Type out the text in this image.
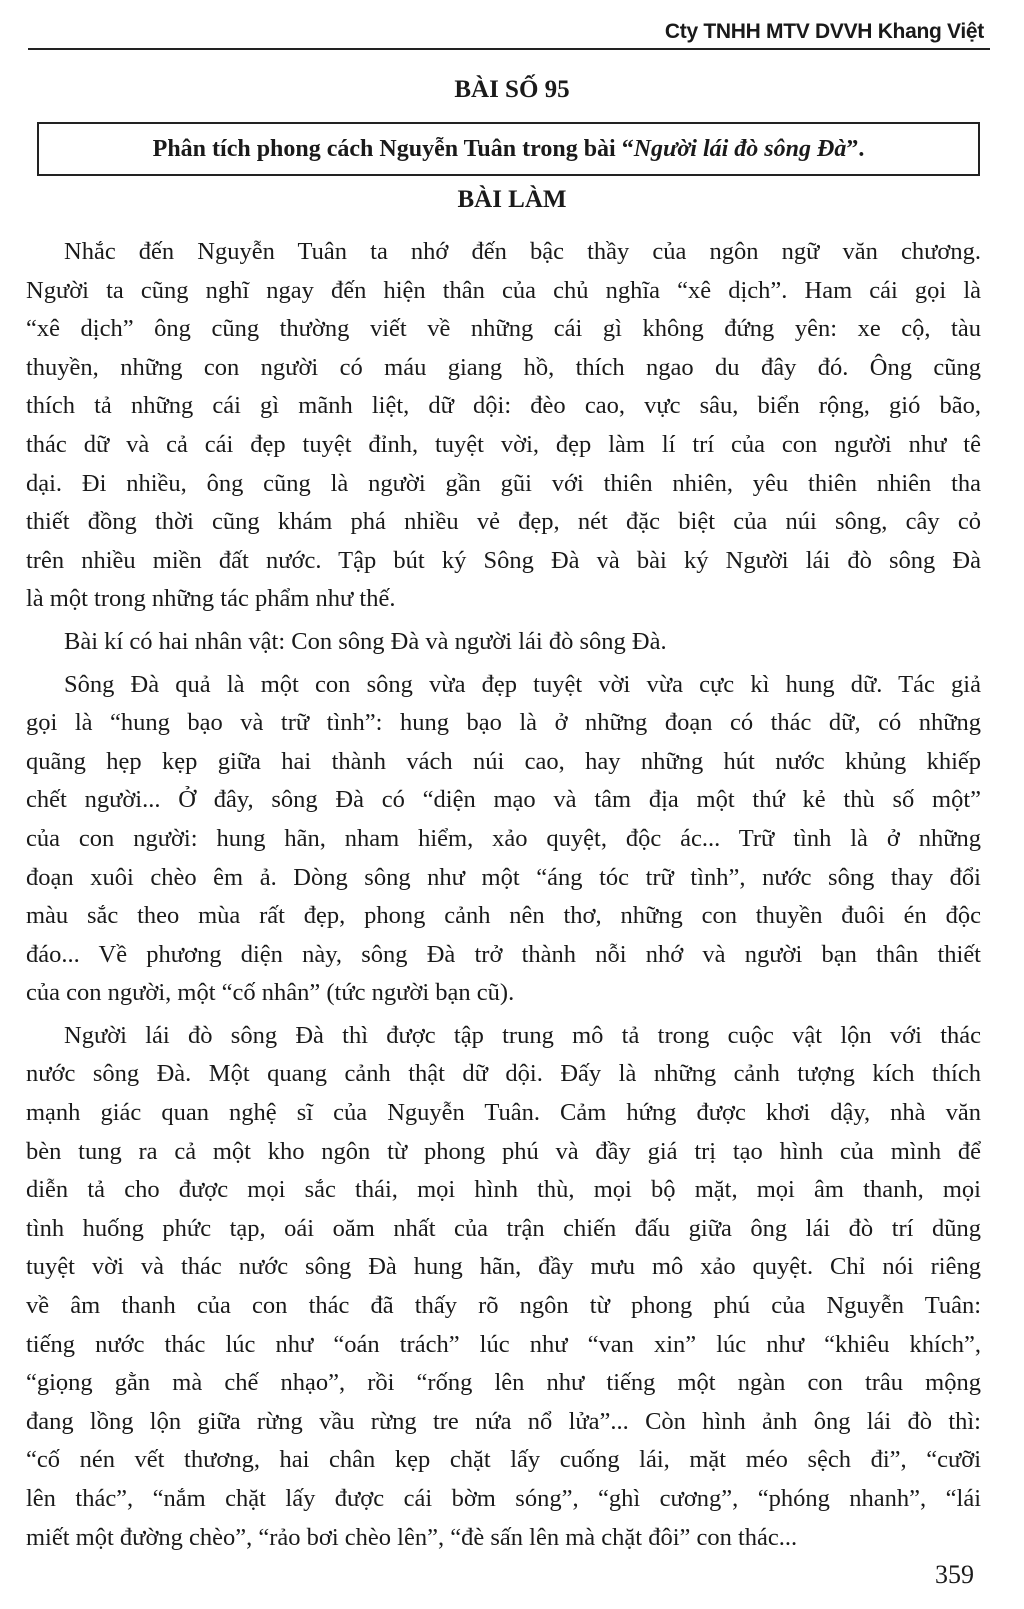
Cty TNHH MTV DVVH Khang Việt
BÀI SỐ 95
Phân tích phong cách Nguyễn Tuân trong bài “ Người lái đò sông Đà ”.
BÀI LÀM
Nhắc đến Nguyễn Tuân ta nhớ đến bậc thầy của ngôn ngữ văn chương.
Người ta cũng nghĩ ngay đến hiện thân của chủ nghĩa “xê dịch”. Ham cái gọi là
“xê dịch” ông cũng thường viết về những cái gì không đứng yên: xe cộ, tàu
thuyền, những con người có máu giang hồ, thích ngao du đây đó. Ông cũng
thích tả những cái gì mãnh liệt, dữ dội: đèo cao, vực sâu, biển rộng, gió bão,
thác dữ và cả cái đẹp tuyệt đỉnh, tuyệt vời, đẹp làm lí trí của con người như tê
dại. Đi nhiều, ông cũng là người gần gũi với thiên nhiên, yêu thiên nhiên tha
thiết đồng thời cũng khám phá nhiều vẻ đẹp, nét đặc biệt của núi sông, cây cỏ
trên nhiều miền đất nước. Tập bút ký Sông Đà và bài ký Người lái đò sông Đà
là một trong những tác phẩm như thế.
Bài kí có hai nhân vật: Con sông Đà và người lái đò sông Đà.
Sông Đà quả là một con sông vừa đẹp tuyệt vời vừa cực kì hung dữ. Tác giả
gọi là “hung bạo và trữ tình”: hung bạo là ở những đoạn có thác dữ, có những
quãng hẹp kẹp giữa hai thành vách núi cao, hay những hút nước khủng khiếp
chết người... Ở đây, sông Đà có “diện mạo và tâm địa một thứ kẻ thù số một”
của con người: hung hãn, nham hiểm, xảo quyệt, độc ác... Trữ tình là ở những
đoạn xuôi chèo êm ả. Dòng sông như một “áng tóc trữ tình”, nước sông thay đổi
màu sắc theo mùa rất đẹp, phong cảnh nên thơ, những con thuyền đuôi én độc
đáo... Về phương diện này, sông Đà trở thành nỗi nhớ và người bạn thân thiết
của con người, một “cố nhân” (tức người bạn cũ).
Người lái đò sông Đà thì được tập trung mô tả trong cuộc vật lộn với thác
nước sông Đà. Một quang cảnh thật dữ dội. Đấy là những cảnh tượng kích thích
mạnh giác quan nghệ sĩ của Nguyễn Tuân. Cảm hứng được khơi dậy, nhà văn
bèn tung ra cả một kho ngôn từ phong phú và đầy giá trị tạo hình của mình để
diễn tả cho được mọi sắc thái, mọi hình thù, mọi bộ mặt, mọi âm thanh, mọi
tình huống phức tạp, oái oăm nhất của trận chiến đấu giữa ông lái đò trí dũng
tuyệt vời và thác nước sông Đà hung hãn, đầy mưu mô xảo quyệt. Chỉ nói riêng
về âm thanh của con thác đã thấy rõ ngôn từ phong phú của Nguyễn Tuân:
tiếng nước thác lúc như “oán trách” lúc như “van xin” lúc như “khiêu khích”,
“giọng gằn mà chế nhạo”, rồi “rống lên như tiếng một ngàn con trâu mộng
đang lồng lộn giữa rừng vầu rừng tre nứa nổ lửa”... Còn hình ảnh ông lái đò thì:
“cố nén vết thương, hai chân kẹp chặt lấy cuống lái, mặt méo sệch đi”, “cưỡi
lên thác”, “nắm chặt lấy được cái bờm sóng”, “ghì cương”, “phóng nhanh”, “lái
miết một đường chèo”, “rảo bơi chèo lên”, “đè sấn lên mà chặt đôi” con thác...
359
